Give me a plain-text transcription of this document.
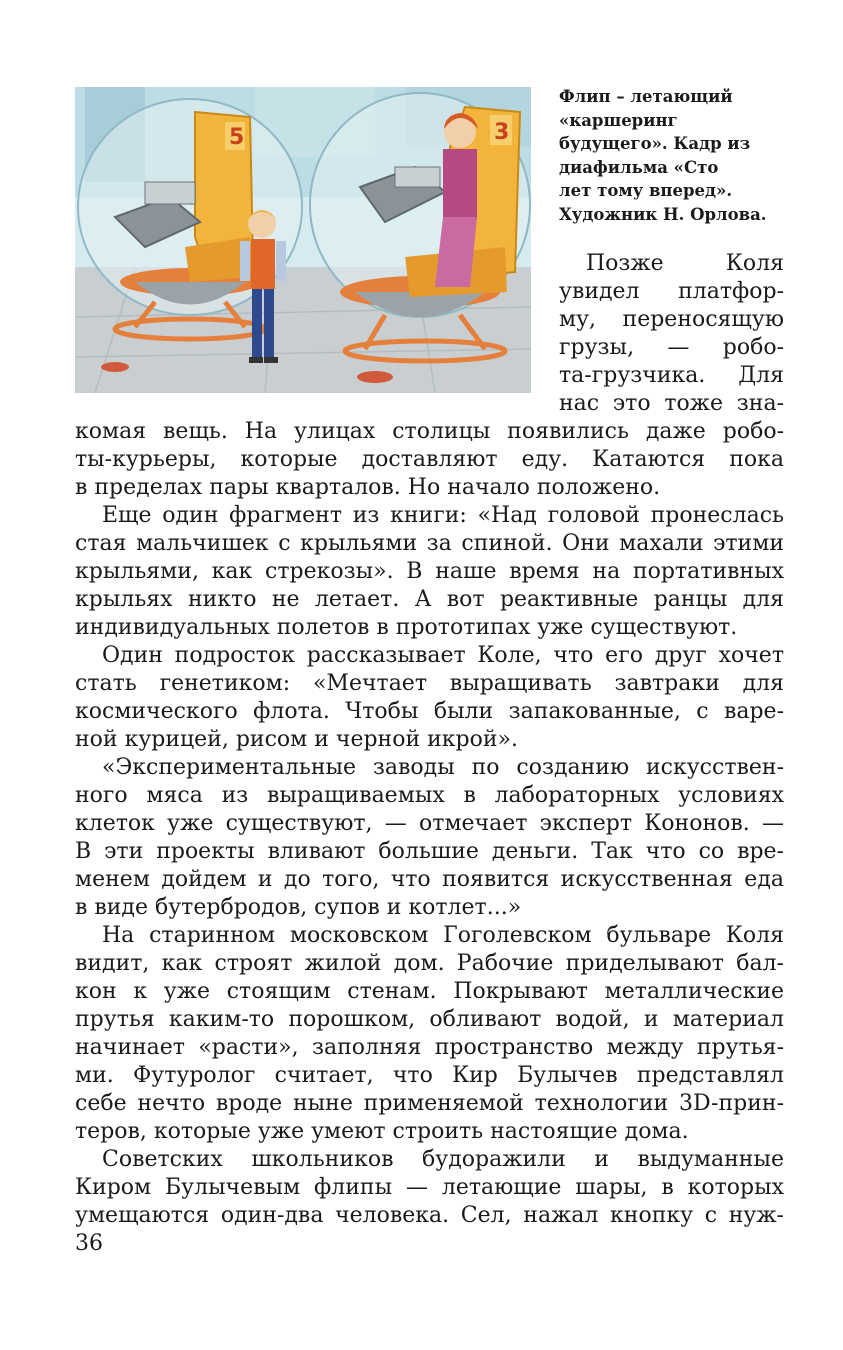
5	3
Флип – летающий
«каршеринг
будущего». Кадр из
диафильма «Сто
лет тому вперед».
Художник Н. Орлова.

Позже Коля

увидел платфор-

му, переносящую

грузы, — робо-

та-грузчика. Для

нас это тоже зна-

комая вещь. На улицах столицы появились даже робо-

ты-курьеры, которые доставляют еду. Катаются пока

в пределах пары кварталов. Но начало положено.

Еще один фрагмент из книги: «Над головой пронеслась

стая мальчишек с крыльями за спиной. Они махали этими

крыльями, как стрекозы». В наше время на портативных

крыльях никто не летает. А вот реактивные ранцы для

индивидуальных полетов в прототипах уже существуют.

Один подросток рассказывает Коле, что его друг хочет

стать генетиком: «Мечтает выращивать завтраки для

космического флота. Чтобы были запакованные, с варе-

ной курицей, рисом и черной икрой».

«Экспериментальные заводы по созданию искусствен-

ного мяса из выращиваемых в лабораторных условиях

клеток уже существуют, — отмечает эксперт Кононов. —

В эти проекты вливают большие деньги. Так что со вре-

менем дойдем и до того, что появится искусственная еда

в виде бутербродов, супов и котлет...»

На старинном московском Гоголевском бульваре Коля

видит, как строят жилой дом. Рабочие приделывают бал-

кон к уже стоящим стенам. Покрывают металлические

прутья каким-то порошком, обливают водой, и материал

начинает «расти», заполняя пространство между прутья-

ми. Футуролог считает, что Кир Булычев представлял

себе нечто вроде ныне применяемой технологии 3D-прин-

теров, которые уже умеют строить настоящие дома.

Советских школьников будоражили и выдуманные

Киром Булычевым флипы — летающие шары, в которых

умещаются один-два человека. Сел, нажал кнопку с нуж-

36
